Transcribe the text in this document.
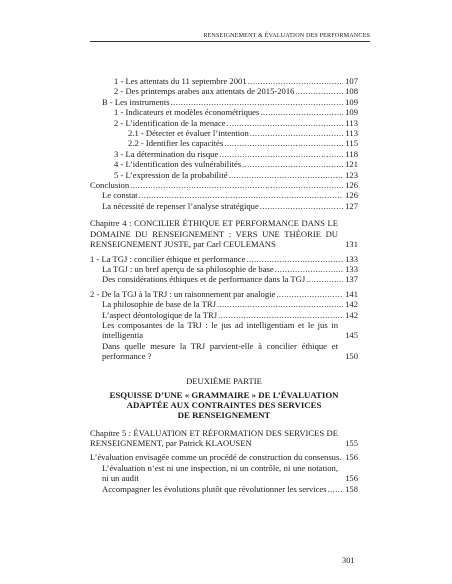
RENSEIGNEMENT & ÉVALUATION DES PERFORMANCES
1 - Les attentats du 11 septembre 2001 .....	107
2 - Des printemps arabes aux attentats de 2015-2016 .....	108
B - Les instruments .....	109
1 - Indicateurs et modèles économétriques .....	109
2 - L’identification de la menace .....	113
2.1 - Détecter et évaluer l’intention .....	113
2.2 - Identifier les capacités .....	115
3 - La détermination du risque .....	118
4 - L’identification des vulnérabilités .....	121
5 - L’expression de la probabilité .....	123
Conclusion .....	126
Le constat .....	126
La nécessité de repenser l’analyse stratégique .....	127
Chapitre 4 : CONCILIER ÉTHIQUE ET PERFORMANCE DANS LE DOMAINE DU RENSEIGNEMENT : VERS UNE THÉORIE DU RENSEIGNEMENT JUSTE, par Carl CEULEMANS	131
1 - La TGJ : concilier éthique et performance .....	133
La TGJ : un bref aperçu de sa philosophie de base .....	133
Des considérations éthiques et de performance dans la TGJ .....	137
2 - De la TGJ à la TRJ : un raisonnement par analogie .....	141
La philosophie de base de la TRJ .....	142
L’aspect déontologique de la TRJ .....	142
Les composantes de la TRJ : le jus ad intelligentiam et le jus in intelligentia	145
Dans quelle mesure la TRJ parvient-elle à concilier éthique et performance ?	150
DEUXIÈME PARTIE
ESQUISSE D’UNE « GRAMMAIRE » DE L’ÉVALUATION
ADAPTÉE AUX CONTRAINTES DES SERVICES
DE RENSEIGNEMENT
Chapitre 5 : ÉVALUATION ET RÉFORMATION DES SERVICES DE RENSEIGNEMENT, par Patrick KLAOUSEN	155
L’évaluation envisagée comme un procédé de construction du consensus. ..... 156
L’évaluation n’est ni une inspection, ni un contrôle, ni une notation, ni un audit	156
Accompagner les évolutions plutôt que révolutionner les services ..... 158
301
